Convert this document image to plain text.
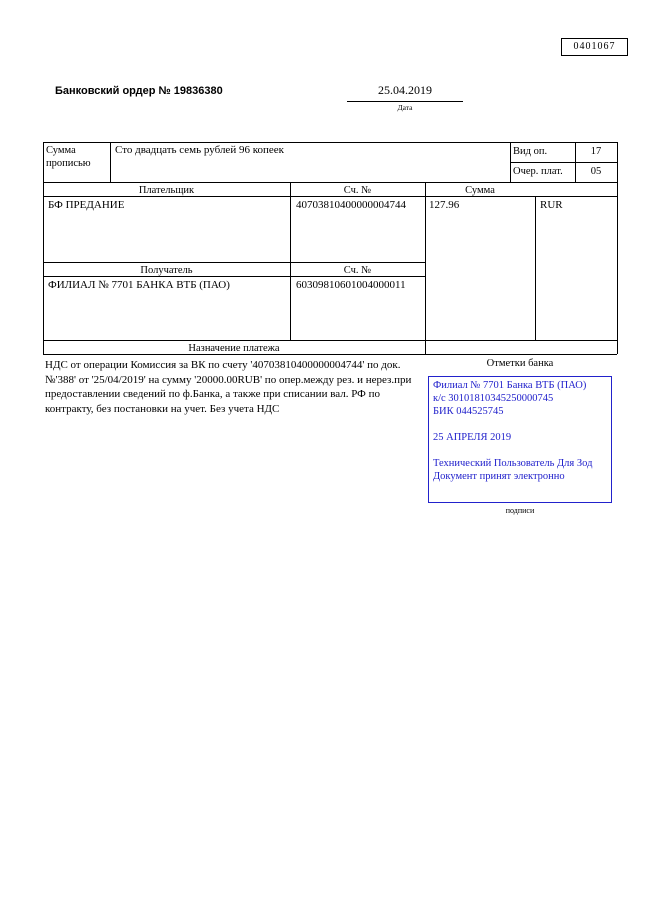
0401067
Банковский ордер № 19836380	25.04.2019
Дата
Сумма прописью
Сто двадцать семь рублей 96 копеек	Вид оп.	17
Очер. плат.	05
Плательщик	Сч. №	Сумма
БФ ПРЕДАНИЕ	40703810400000004744	127.96	RUR
Получатель	Сч. №
ФИЛИАЛ № 7701 БАНКА ВТБ (ПАО)	60309810601004000011
Назначение платежа
Отметки банка
НДС от операции Комиссия за ВК по счету '40703810400000004744' по док.№'388' от '25/04/2019' на сумму '20000.00RUB' по опер.между рез. и нерез.при предоставлении сведений по ф.Банка, а также при списании вал. РФ по контракту, без постановки на учет. Без учета НДС
Филиал № 7701 Банка ВТБ (ПАО)
к/с 30101810345250000745
БИК 044525745
25 АПРЕЛЯ 2019
Технический Пользователь Для Зод
Документ принят электронно
подписи
